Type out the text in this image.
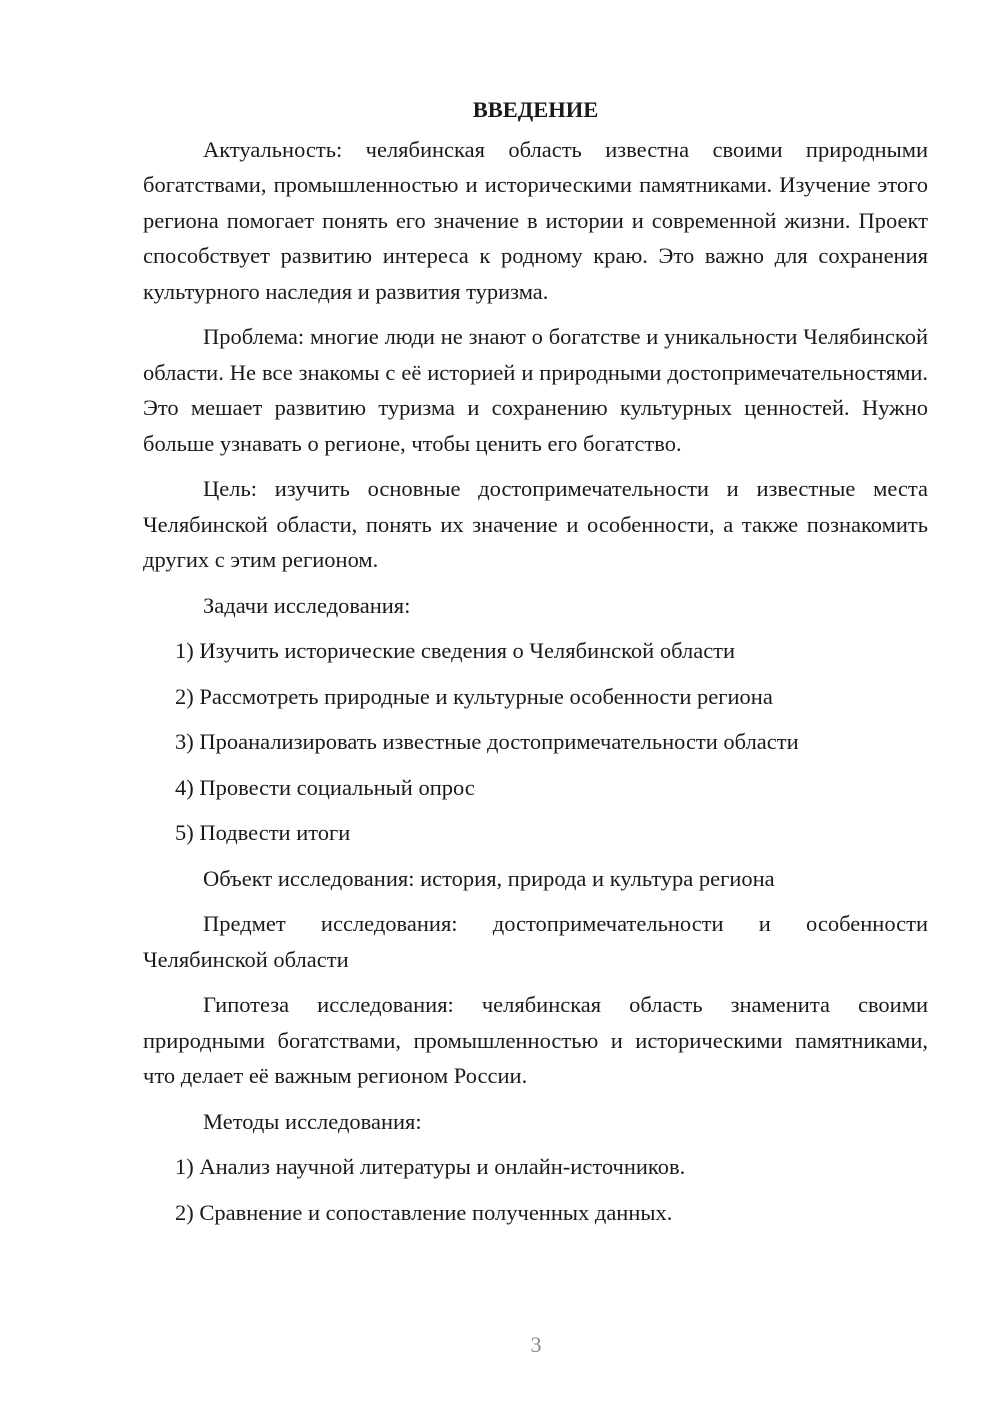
ВВЕДЕНИЕ

Актуальность: челябинская область известна своими природными богатствами, промышленностью и историческими памятниками. Изучение этого региона помогает понять его значение в истории и современной жизни. Проект способствует развитию интереса к родному краю. Это важно для сохранения культурного наследия и развития туризма.

Проблема: многие люди не знают о богатстве и уникальности Челябинской области. Не все знакомы с её историей и природными достопримечательностями. Это мешает развитию туризма и сохранению культурных ценностей. Нужно больше узнавать о регионе, чтобы ценить его богатство.

Цель: изучить основные достопримечательности и известные места Челябинской области, понять их значение и особенности, а также познакомить других с этим регионом.

Задачи исследования:

1) Изучить исторические сведения о Челябинской области
2) Рассмотреть природные и культурные особенности региона
3) Проанализировать известные достопримечательности области
4) Провести социальный опрос
5) Подвести итоги

Объект исследования: история, природа и культура региона

Предмет исследования: достопримечательности и особенности Челябинской области

Гипотеза исследования: челябинская область знаменита своими природными богатствами, промышленностью и историческими памятниками, что делает её важным регионом России.

Методы исследования:

1) Анализ научной литературы и онлайн-источников.
2) Сравнение и сопоставление полученных данных.
3
